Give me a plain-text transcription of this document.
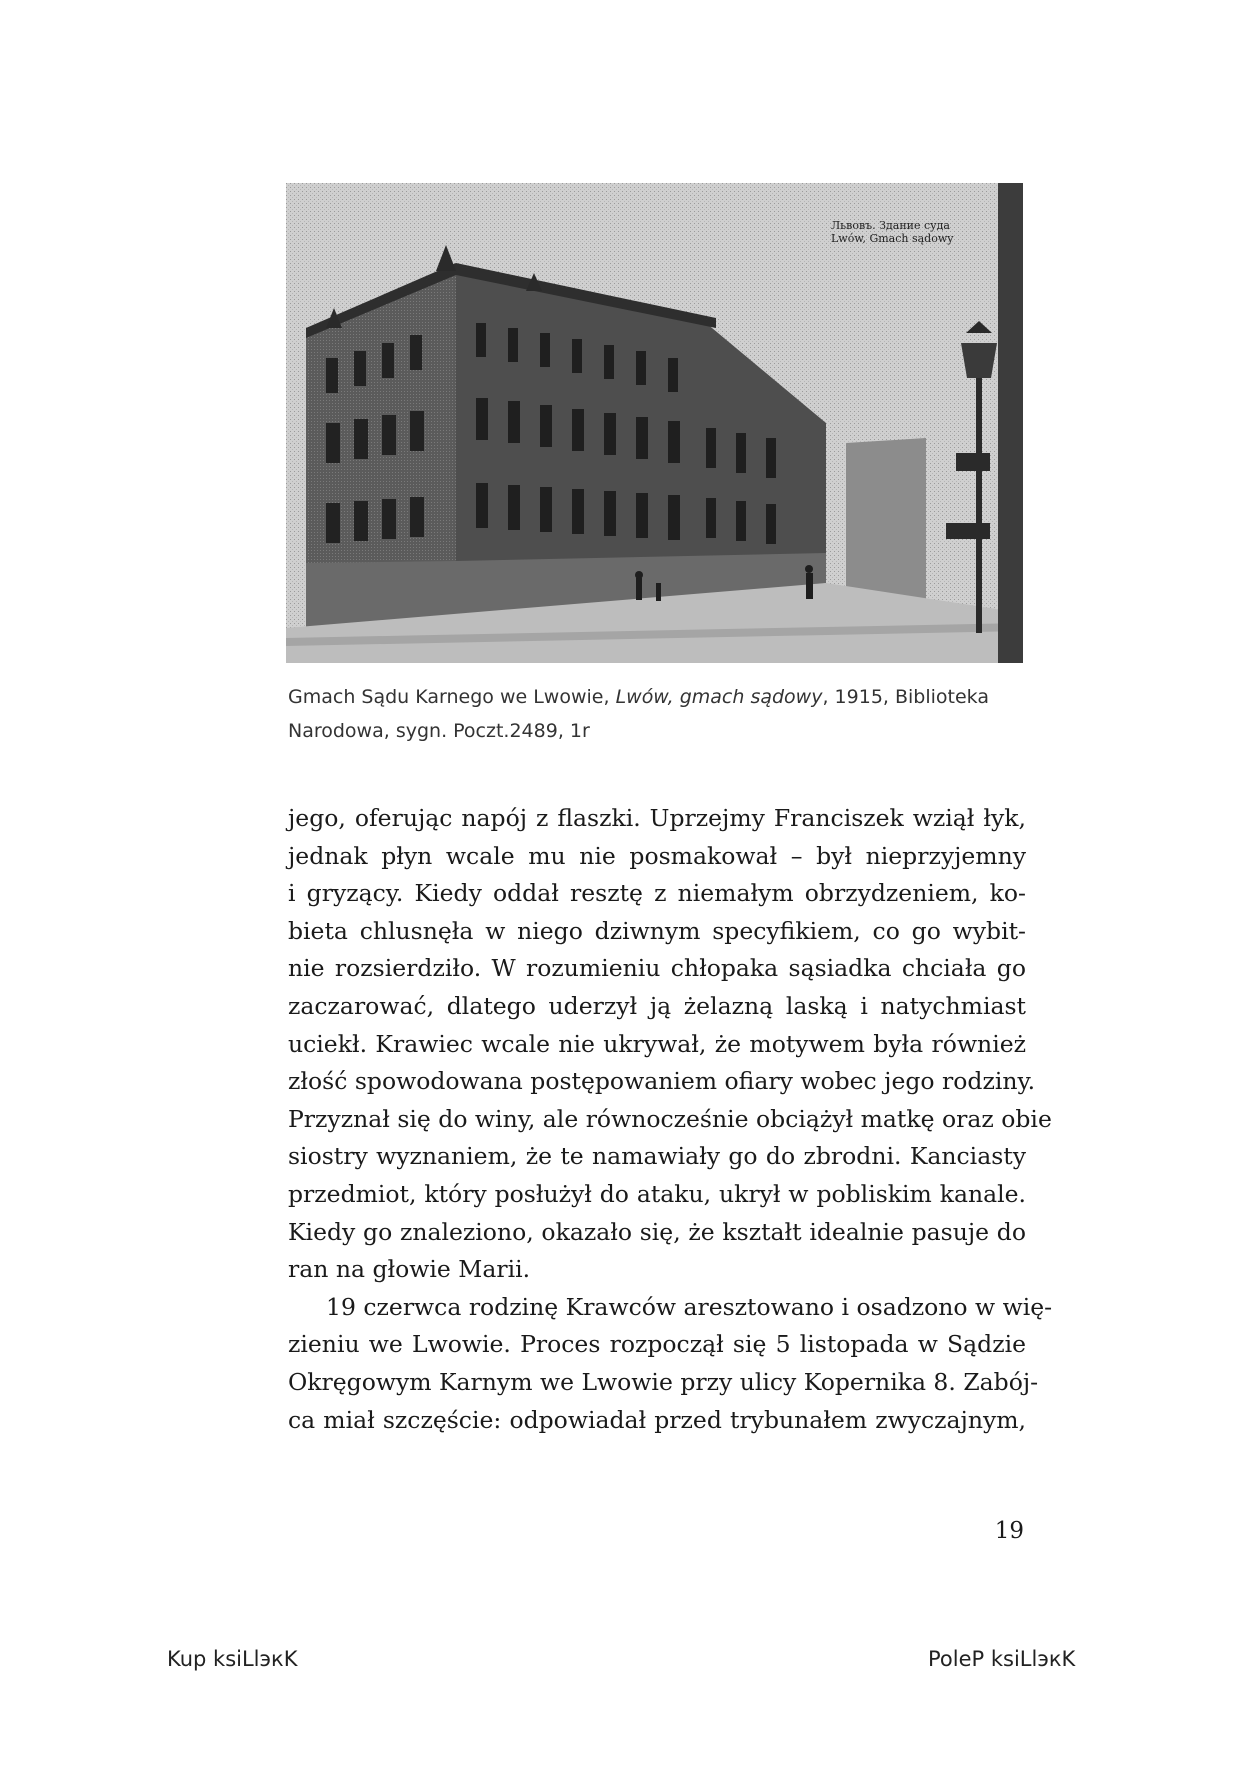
Львовъ. Здание суда
Lwów, Gmach sądowy
Gmach Sądu Karnego we Lwowie, Lwów, gmach sądowy, 1915, Biblioteka
Narodowa, sygn. Poczt.2489, 1r
jego, oferując napój z flaszki. Uprzejmy Franciszek wziął łyk,
jednak płyn wcale mu nie posmakował – był nieprzyjemny
i gryzący. Kiedy oddał resztę z niemałym obrzydzeniem, ko-
bieta chlusnęła w niego dziwnym specyfikiem, co go wybit-
nie rozsierdziło. W rozumieniu chłopaka sąsiadka chciała go
zaczarować, dlatego uderzył ją żelazną laską i natychmiast
uciekł. Krawiec wcale nie ukrywał, że motywem była również
złość spowodowana postępowaniem ofiary wobec jego rodziny.
Przyznał się do winy, ale równocześnie obciążył matkę oraz obie
siostry wyznaniem, że te namawiały go do zbrodni. Kanciasty
przedmiot, który posłużył do ataku, ukrył w pobliskim kanale.
Kiedy go znaleziono, okazało się, że kształt idealnie pasuje do
ran na głowie Marii.
19 czerwca rodzinę Krawców aresztowano i osadzono w wię-
zieniu we Lwowie. Proces rozpoczął się 5 listopada w Sądzie
Okręgowym Karnym we Lwowie przy ulicy Kopernika 8. Zabój-
ca miał szczęście: odpowiadał przed trybunałem zwyczajnym,
19
Kup ksiLlэкK	PoleP ksiLlэкK
